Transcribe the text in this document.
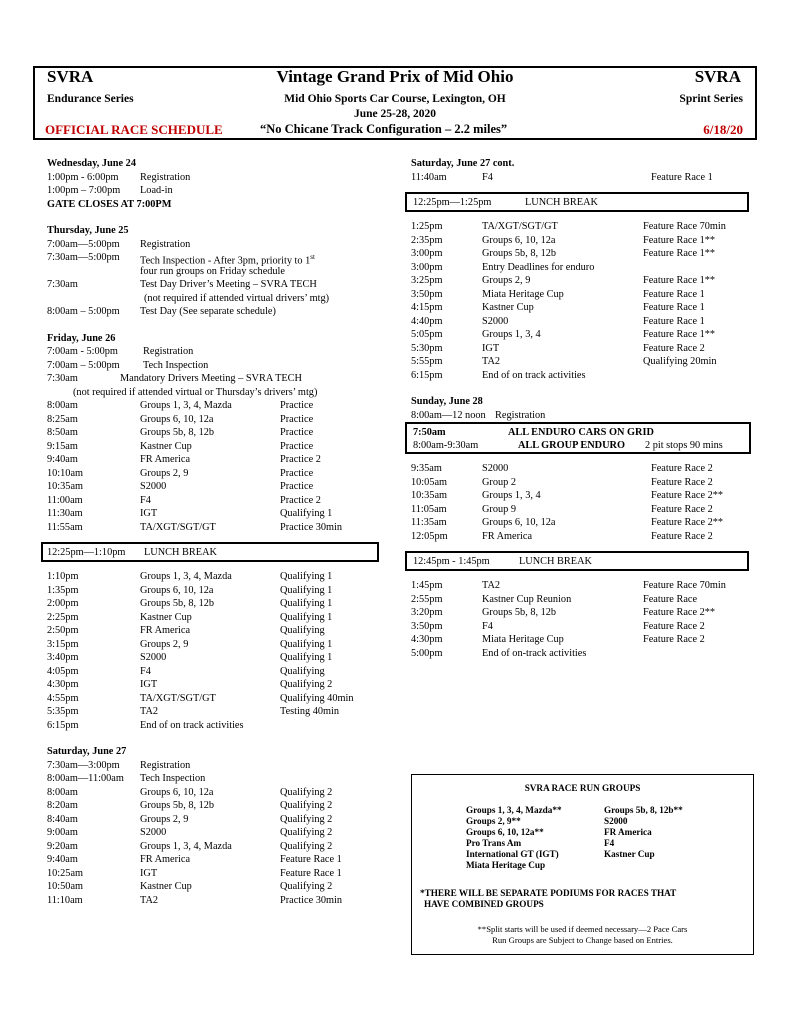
SVRA
Endurance Series
OFFICIAL RACE SCHEDULE
Vintage Grand Prix of Mid Ohio
Mid Ohio Sports Car Course, Lexington, OH
June 25-28, 2020
“No Chicane Track Configuration – 2.2 miles”
SVRA
Sprint Series
6/18/20
Wednesday, June 24
1:00pm - 6:00pm Registration
1:00pm – 7:00pm Load-in
GATE CLOSES AT 7:00PM
Thursday, June 25
7:00am—5:00pm Registration
7:30am—5:00pm Tech Inspection - After 3pm, priority to 1st
four run groups on Friday schedule
7:30am	Test Day Driver’s Meeting – SVRA TECH
(not required if attended virtual drivers’ mtg)
8:00am – 5:00pm Test Day (See separate schedule)
Friday, June 26
7:00am - 5:00pm Registration
7:00am – 5:00pm Tech Inspection
7:30am	Mandatory Drivers Meeting – SVRA TECH
(not required if attended virtual or Thursday’s drivers’ mtg)
8:00am	Groups 1, 3, 4, Mazda	Practice
8:25am	Groups 6, 10, 12a	Practice
8:50am	Groups 5b, 8, 12b	Practice
9:15am	Kastner Cup	Practice
9:40am	FR America	Practice 2
10:10am	Groups 2, 9	Practice
10:35am	S2000	Practice
11:00am	F4	Practice 2
11:30am	IGT	Qualifying 1
11:55am	TA/XGT/SGT/GT	Practice 30min
12:25pm—1:10pm LUNCH BREAK
1:10pm	Groups 1, 3, 4, Mazda	Qualifying 1
1:35pm	Groups 6, 10, 12a	Qualifying 1
2:00pm	Groups 5b, 8, 12b	Qualifying 1
2:25pm	Kastner Cup	Qualifying 1
2:50pm	FR America	Qualifying
3:15pm	Groups 2, 9	Qualifying 1
3:40pm	S2000	Qualifying 1
4:05pm	F4	Qualifying
4:30pm	IGT	Qualifying 2
4:55pm	TA/XGT/SGT/GT	Qualifying 40min
5:35pm	TA2	Testing 40min
6:15pm	End of on track activities
Saturday, June 27
7:30am—3:00pm Registration
8:00am—11:00am Tech Inspection
8:00am	Groups 6, 10, 12a	Qualifying 2
8:20am	Groups 5b, 8, 12b	Qualifying 2
8:40am	Groups 2, 9	Qualifying 2
9:00am	S2000	Qualifying 2
9:20am	Groups 1, 3, 4, Mazda	Qualifying 2
9:40am	FR America	Feature Race 1
10:25am	IGT	Feature Race 1
10:50am	Kastner Cup	Qualifying 2
11:10am	TA2	Practice 30min
Saturday, June 27 cont.
11:40am	F4	Feature Race 1
12:25pm—1:25pm	LUNCH BREAK
1:25pm	TA/XGT/SGT/GT	Feature Race 70min
2:35pm	Groups 6, 10, 12a	Feature Race 1**
3:00pm	Groups 5b, 8, 12b	Feature Race 1**
3:00pm	Entry Deadlines for enduro
3:25pm	Groups 2, 9	Feature Race 1**
3:50pm	Miata Heritage Cup	Feature Race 1
4:15pm	Kastner Cup	Feature Race 1
4:40pm	S2000	Feature Race 1
5:05pm	Groups 1, 3, 4	Feature Race 1**
5:30pm	IGT	Feature Race 2
5:55pm	TA2	Qualifying 20min
6:15pm	End of on track activities
Sunday, June 28
8:00am—12 noon Registration
7:50am	ALL ENDURO CARS ON GRID
8:00am-9:30am	ALL GROUP ENDURO 2 pit stops 90 mins
9:35am	S2000	Feature Race 2
10:05am	Group 2	Feature Race 2
10:35am	Groups 1, 3, 4	Feature Race 2**
11:05am	Group 9	Feature Race 2
11:35am	Groups 6, 10, 12a	Feature Race 2**
12:05pm	FR America	Feature Race 2
12:45pm - 1:45pm	LUNCH BREAK
1:45pm	TA2	Feature Race 70min
2:55pm	Kastner Cup Reunion	Feature Race
3:20pm	Groups 5b, 8, 12b	Feature Race 2**
3:50pm	F4	Feature Race 2
4:30pm	Miata Heritage Cup	Feature Race 2
5:00pm	End of on-track activities
SVRA RACE RUN GROUPS
Groups 1, 3, 4, Mazda**
Groups 2, 9**
Groups 6, 10, 12a**
Pro Trans Am
International GT (IGT)
Miata Heritage Cup
Groups 5b, 8, 12b**
S2000
FR America
F4
Kastner Cup
*THERE WILL BE SEPARATE PODIUMS FOR RACES THAT
HAVE COMBINED GROUPS
**Split starts will be used if deemed necessary—2 Pace Cars
Run Groups are Subject to Change based on Entries.
